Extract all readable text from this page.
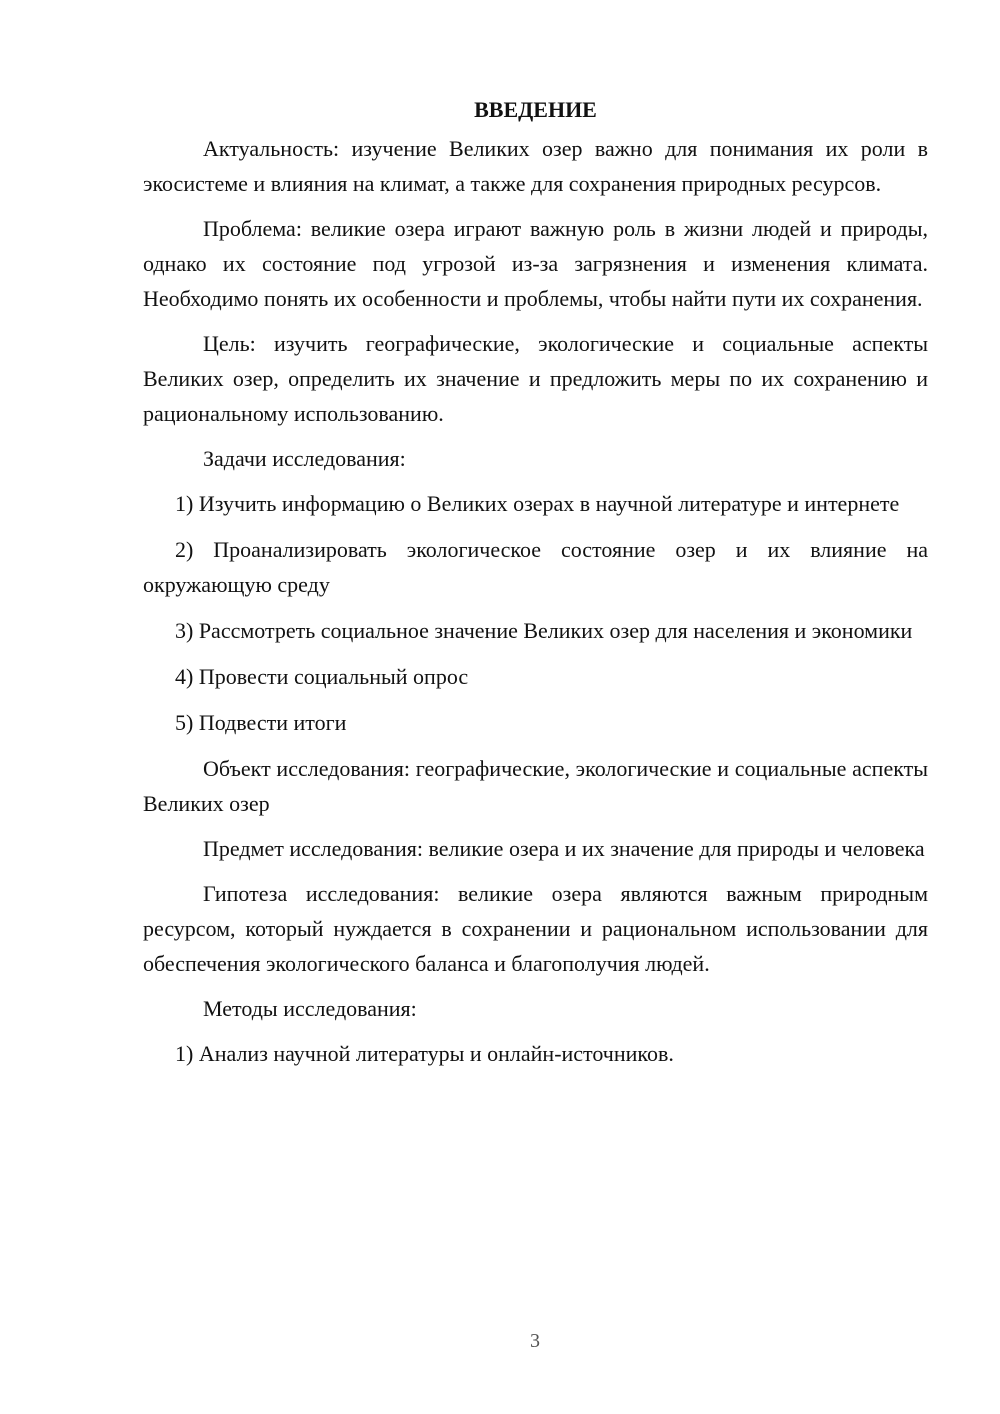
ВВЕДЕНИЕ

Актуальность: изучение Великих озер важно для понимания их роли в экосистеме и влияния на климат, а также для сохранения природных ресурсов.

Проблема: великие озера играют важную роль в жизни людей и природы, однако их состояние под угрозой из-за загрязнения и изменения климата. Необходимо понять их особенности и проблемы, чтобы найти пути их сохранения.

Цель: изучить географические, экологические и социальные аспекты Великих озер, определить их значение и предложить меры по их сохранению и рациональному использованию.

Задачи исследования:

1) Изучить информацию о Великих озерах в научной литературе и интернете

2) Проанализировать экологическое состояние озер и их влияние на окружающую среду

3) Рассмотреть социальное значение Великих озер для населения и экономики

4) Провести социальный опрос

5) Подвести итоги

Объект исследования: географические, экологические и социальные аспекты Великих озер

Предмет исследования: великие озера и их значение для природы и человека

Гипотеза исследования: великие озера являются важным природным ресурсом, который нуждается в сохранении и рациональном использовании для обеспечения экологического баланса и благополучия людей.

Методы исследования:

1) Анализ научной литературы и онлайн-источников.

3
